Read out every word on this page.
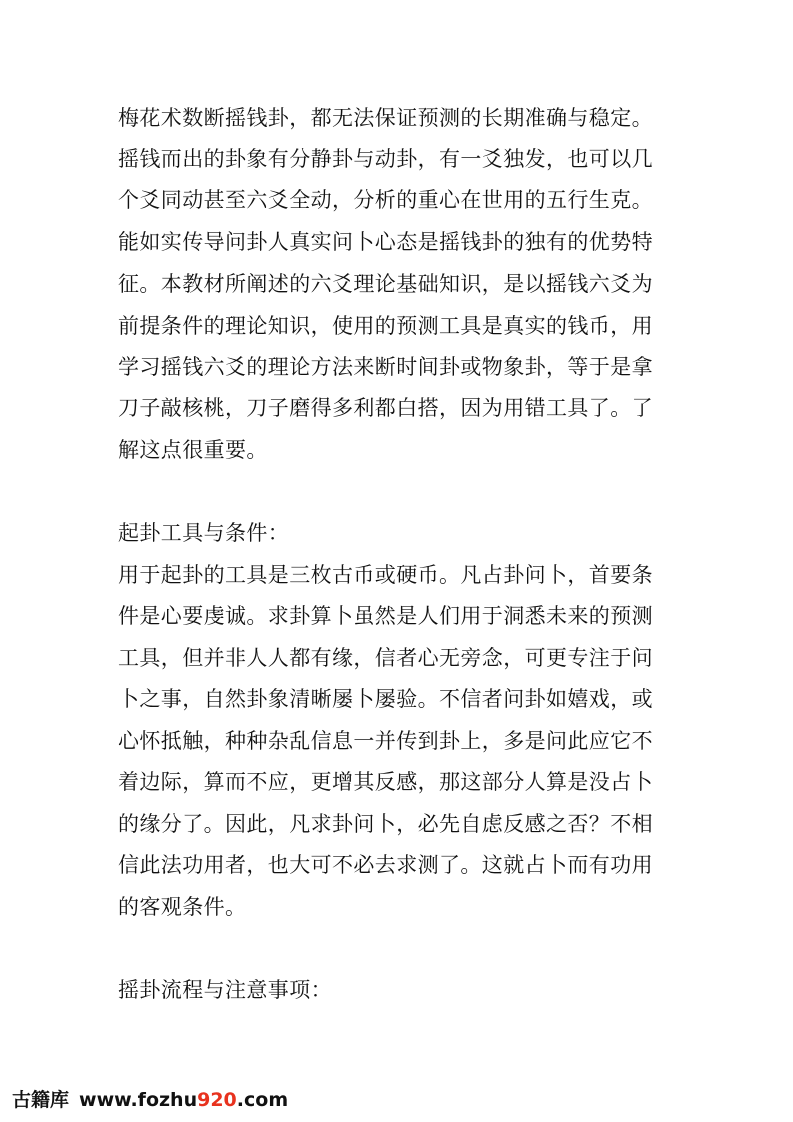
梅花术数断摇钱卦，都无法保证预测的长期准确与稳定。
摇钱而出的卦象有分静卦与动卦，有一爻独发，也可以几
个爻同动甚至六爻全动，分析的重心在世用的五行生克。
能如实传导问卦人真实问卜心态是摇钱卦的独有的优势特
征。本教材所阐述的六爻理论基础知识，是以摇钱六爻为
前提条件的理论知识，使用的预测工具是真实的钱币，用
学习摇钱六爻的理论方法来断时间卦或物象卦，等于是拿
刀子敲核桃，刀子磨得多利都白搭，因为用错工具了。了
解这点很重要。
起卦工具与条件：
用于起卦的工具是三枚古币或硬币。凡占卦问卜，首要条
件是心要虔诚。求卦算卜虽然是人们用于洞悉未来的预测
工具，但并非人人都有缘，信者心无旁念，可更专注于问
卜之事，自然卦象清晰屡卜屡验。不信者问卦如嬉戏，或
心怀抵触，种种杂乱信息一并传到卦上，多是问此应它不
着边际，算而不应，更增其反感，那这部分人算是没占卜
的缘分了。因此，凡求卦问卜，必先自虑反感之否？不相
信此法功用者，也大可不必去求测了。这就占卜而有功用
的客观条件。
摇卦流程与注意事项：
古籍库 www.fozhu920.com
